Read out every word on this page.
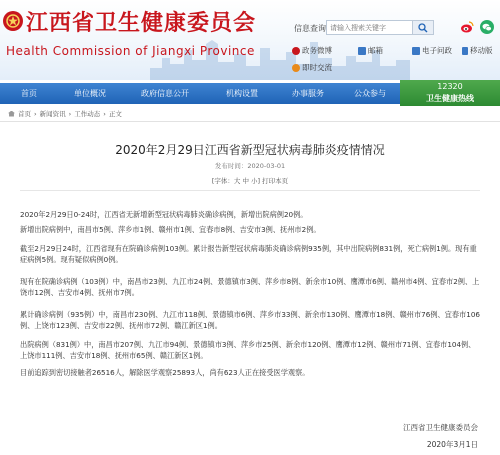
江西省卫生健康委员会
Health Commission of Jiangxi Province
信息查询
请输入搜索关键字
政务微博	邮箱	电子问政 移动版
即时交流
首页	单位概况	政府信息公开	机构设置	办事服务	公众参与
12320
卫生健康热线
首页 › 新闻资讯 › 工作动态 › 正文
2020年2月29日江西省新型冠状病毒肺炎疫情情况
发布时间：2020-03-01
[字体：大 中 小] 打印本页

2020年2月29日0-24时，江西省无新增新型冠状病毒肺炎确诊病例，新增出院病例20例。

新增出院病例中，南昌市5例、萍乡市1例、赣州市1例、宜春市8例、吉安市3例、抚州市2例。

截至2月29日24时，江西省现有在院确诊病例103例。累计报告新型冠状病毒肺炎确诊病例935例，其中出院病例831例，死亡病例1例。现有重症病例5例。现有疑似病例0例。

现有在院确诊病例（103例）中，南昌市23例、九江市24例、景德镇市3例、萍乡市8例、新余市10例、鹰潭市6例、赣州市4例、宜春市2例、上饶市12例、吉安市4例、抚州市7例。

累计确诊病例（935例）中，南昌市230例、九江市118例、景德镇市6例、萍乡市33例、新余市130例、鹰潭市18例、赣州市76例、宜春市106例、上饶市123例、吉安市22例、抚州市72例、赣江新区1例。

出院病例（831例）中，南昌市207例、九江市94例、景德镇市3例、萍乡市25例、新余市120例、鹰潭市12例、赣州市71例、宜春市104例、上饶市111例、吉安市18例、抚州市65例、赣江新区1例。

目前追踪到密切接触者26516人，解除医学观察25893人，尚有623人正在接受医学观察。

江西省卫生健康委员会
2020年3月1日
